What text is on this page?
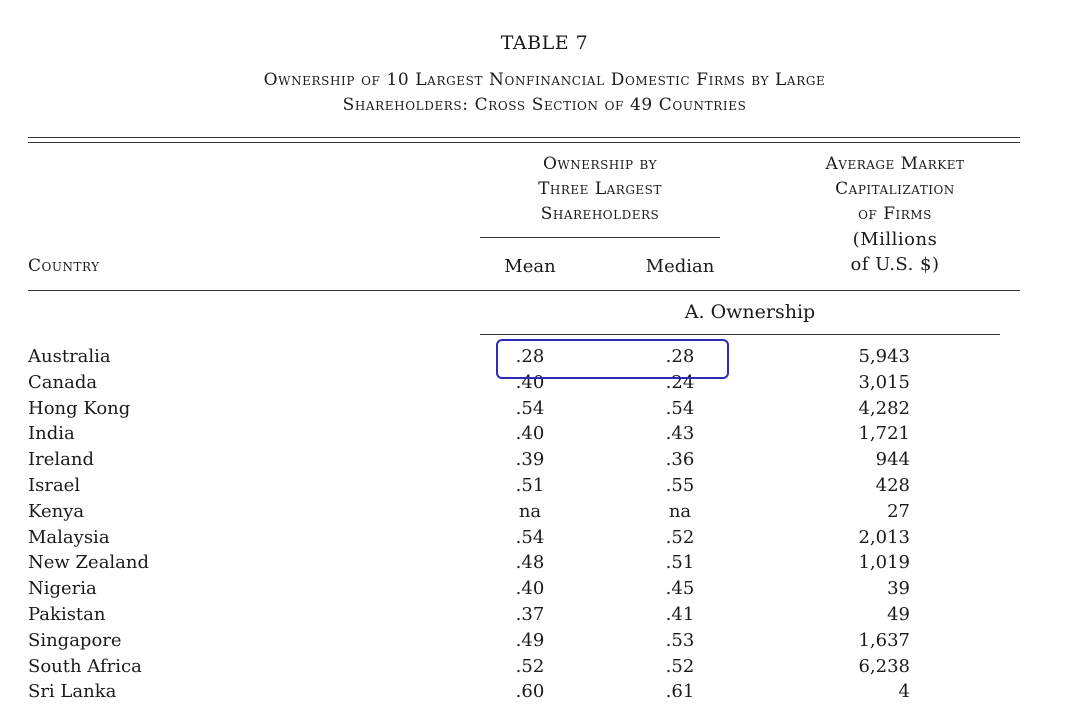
TABLE 7
Ownership of 10 Largest Nonfinancial Domestic Firms by Large
Shareholders: Cross Section of 49 Countries
Ownership by
Three Largest
Shareholders
Average Market
Capitalization
of Firms
(Millions
of U.S. $)
Country	Mean	Median
A. Ownership
Australia	.28	.28	5,943
Canada	.40	.24	3,015
Hong Kong	.54	.54	4,282
India	.40	.43	1,721
Ireland	.39	.36	944
Israel	.51	.55	428
Kenya	na	na	27
Malaysia	.54	.52	2,013
New Zealand	.48	.51	1,019
Nigeria	.40	.45	39
Pakistan	.37	.41	49
Singapore	.49	.53	1,637
South Africa	.52	.52	6,238
Sri Lanka	.60	.61	4
